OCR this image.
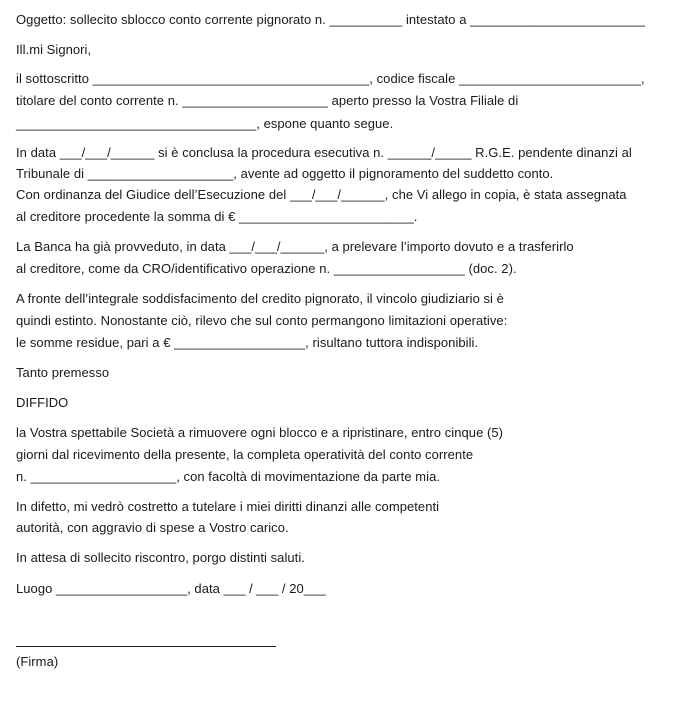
Oggetto: sollecito sblocco conto corrente pignorato n. __________ intestato a ________________________
Ill.mi Signori,
il sottoscritto ______________________________________, codice fiscale _________________________,
titolare del conto corrente n. ____________________ aperto presso la Vostra Filiale di
_________________________________, espone quanto segue.
In data ___/___/______ si è conclusa la procedura esecutiva n. ______/_____ R.G.E. pendente dinanzi al
Tribunale di ____________________, avente ad oggetto il pignoramento del suddetto conto.
Con ordinanza del Giudice dell’Esecuzione del ___/___/______, che Vi allego in copia, è stata assegnata
al creditore procedente la somma di € ________________________.
La Banca ha già provveduto, in data ___/___/______, a prelevare l’importo dovuto e a trasferirlo
al creditore, come da CRO/identificativo operazione n. __________________ (doc. 2).
A fronte dell’integrale soddisfacimento del credito pignorato, il vincolo giudiziario si è
quindi estinto. Nonostante ciò, rilevo che sul conto permangono limitazioni operative:
le somme residue, pari a € __________________, risultano tuttora indisponibili.
Tanto premesso
DIFFIDO
la Vostra spettabile Società a rimuovere ogni blocco e a ripristinare, entro cinque (5)
giorni dal ricevimento della presente, la completa operatività del conto corrente
n. ____________________, con facoltà di movimentazione da parte mia.
In difetto, mi vedrò costretto a tutelare i miei diritti dinanzi alle competenti
autorità, con aggravio di spese a Vostro carico.
In attesa di sollecito riscontro, porgo distinti saluti.
Luogo __________________, data ___ / ___ / 20___
(Firma)
